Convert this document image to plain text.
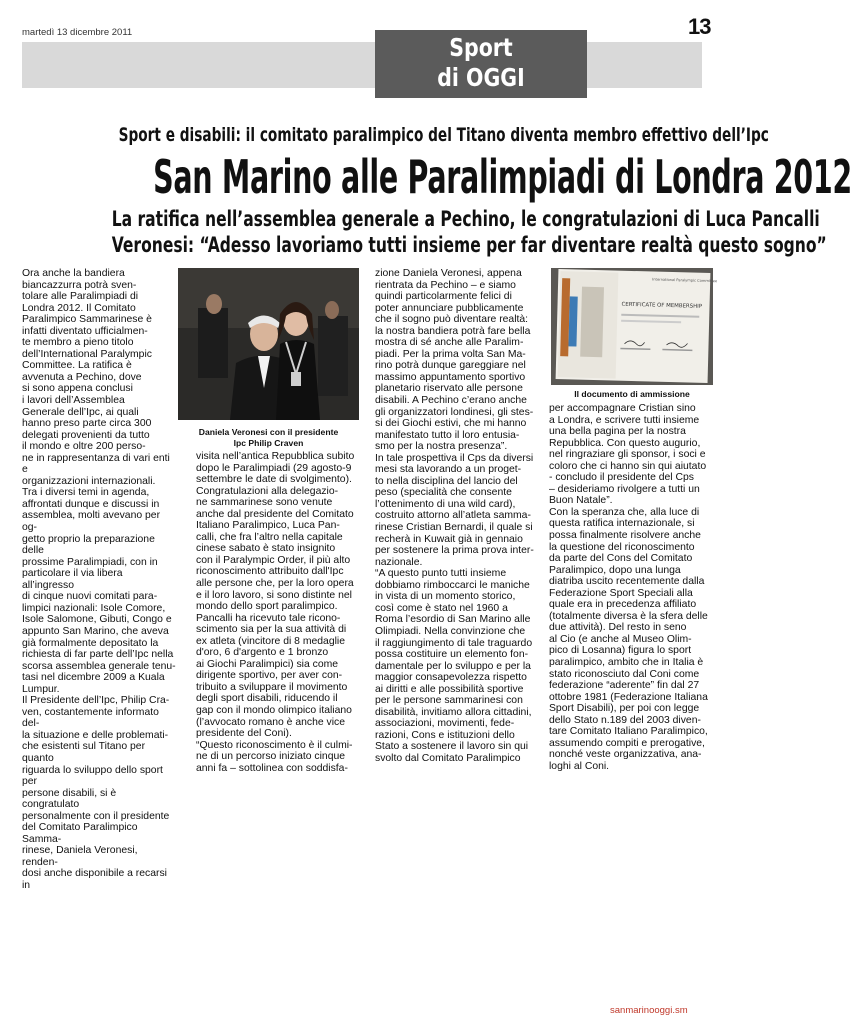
martedì 13 dicembre 2011	13
Sport
di OGGI
Sport e disabili: il comitato paralimpico del Titano diventa membro effettivo dell’Ipc
San Marino alle Paralimpiadi di Londra 2012
La ratifica nell’assemblea generale a Pechino, le congratulazioni di Luca Pancalli
Veronesi: “Adesso lavoriamo tutti insieme per far diventare realtà questo sogno”

Ora anche la bandiera

biancazzurra potrà sven-

tolare alle Paralimpiadi di

Londra 2012. Il Comitato

Paralimpico Sammarinese è

infatti diventato ufficialmen-

te membro a pieno titolo

dell’International Paralympic

Committee. La ratifica è

avvenuta a Pechino, dove

si sono appena conclusi

i lavori dell’Assemblea

Generale dell’Ipc, ai quali

hanno preso parte circa 300

delegati provenienti da tutto

il mondo e oltre 200 perso-

ne in rappresentanza di vari enti e

organizzazioni internazionali.

Tra i diversi temi in agenda,

affrontati dunque e discussi in

assemblea, molti avevano per og-

getto proprio la preparazione delle

prossime Paralimpiadi, con in

particolare il via libera all’ingresso

di cinque nuovi comitati para-

limpici nazionali: Isole Comore,

Isole Salomone, Gibuti, Congo e

appunto San Marino, che aveva

già formalmente depositato la

richiesta di far parte dell’Ipc nella

scorsa assemblea generale tenu-

tasi nel dicembre 2009 a Kuala

Lumpur.

Il Presidente dell’Ipc, Philip Cra-

ven, costantemente informato del-

la situazione e delle problemati-

che esistenti sul Titano per quanto

riguarda lo sviluppo dello sport per

persone disabili, si è congratulato

personalmente con il presidente

del Comitato Paralimpico Samma-

rinese, Daniela Veronesi, renden-

dosi anche disponibile a recarsi in

Daniela Veronesi con il presidente
Ipc Philip Craven

visita nell’antica Repubblica subito

dopo le Paralimpiadi (29 agosto-9

settembre le date di svolgimento).

Congratulazioni alla delegazio-

ne sammarinese sono venute

anche dal presidente del Comitato

Italiano Paralimpico, Luca Pan-

calli, che fra l’altro nella capitale

cinese sabato è stato insignito

con il Paralympic Order, il più alto

riconoscimento attribuito dall'Ipc

alle persone che, per la loro opera

e il loro lavoro, si sono distinte nel

mondo dello sport paralimpico.

Pancalli ha ricevuto tale ricono-

scimento sia per la sua attività di

ex atleta (vincitore di 8 medaglie

d'oro, 6 d'argento e 1 bronzo

ai Giochi Paralimpici) sia come

dirigente sportivo, per aver con-

tribuito a sviluppare il movimento

degli sport disabili, riducendo il

gap con il mondo olimpico italiano

(l’avvocato romano è anche vice

presidente del Coni).

“Questo riconoscimento è il culmi-

ne di un percorso iniziato cinque

anni fa – sottolinea con soddisfa-

zione Daniela Veronesi, appena

rientrata da Pechino – e siamo

quindi particolarmente felici di

poter annunciare pubblicamente

che il sogno può diventare realtà:

la nostra bandiera potrà fare bella

mostra di sé anche alle Paralim-

piadi. Per la prima volta San Ma-

rino potrà dunque gareggiare nel

massimo appuntamento sportivo

planetario riservato alle persone

disabili. A Pechino c’erano anche

gli organizzatori londinesi, gli stes-

si dei Giochi estivi, che mi hanno

manifestato tutto il loro entusia-

smo per la nostra presenza”.

In tale prospettiva il Cps da diversi

mesi sta lavorando a un proget-

to nella disciplina del lancio del

peso (specialità che consente

l’ottenimento di una wild card),

costruito attorno all’atleta samma-

rinese Cristian Bernardi, il quale si

recherà in Kuwait già in gennaio

per sostenere la prima prova inter-

nazionale.

“A questo punto tutti insieme

dobbiamo rimboccarci le maniche

in vista di un momento storico,

così come è stato nel 1960 a

Roma l’esordio di San Marino alle

Olimpiadi. Nella convinzione che

il raggiungimento di tale traguardo

possa costituire un elemento fon-

damentale per lo sviluppo e per la

maggior consapevolezza rispetto

ai diritti e alle possibilità sportive

per le persone sammarinesi con

disabilità, invitiamo allora cittadini,

associazioni, movimenti, fede-

razioni, Cons e istituzioni dello

Stato a sostenere il lavoro sin qui

svolto dal Comitato Paralimpico

CERTIFICATE OF MEMBERSHIP
International Paralympic Committee
Il documento di ammissione

per accompagnare Cristian sino

a Londra, e scrivere tutti insieme

una bella pagina per la nostra

Repubblica. Con questo augurio,

nel ringraziare gli sponsor, i soci e

coloro che ci hanno sin qui aiutato

- concludo il presidente del Cps

– desideriamo rivolgere a tutti un

Buon Natale”.

Con la speranza che, alla luce di

questa ratifica internazionale, si

possa finalmente risolvere anche

la questione del riconoscimento

da parte del Cons del Comitato

Paralimpico, dopo una lunga

diatriba uscito recentemente dalla

Federazione Sport Speciali alla

quale era in precedenza affiliato

(totalmente diversa è la sfera delle

due attività). Del resto in seno

al Cio (e anche al Museo Olim-

pico di Losanna) figura lo sport

paralimpico, ambito che in Italia è

stato riconosciuto dal Coni come

federazione “aderente” fin dal 27

ottobre 1981 (Federazione Italiana

Sport Disabili), per poi con legge

dello Stato n.189 del 2003 diven-

tare Comitato Italiano Paralimpico,

assumendo compiti e prerogative,

nonché veste organizzativa, ana-

loghi al Coni.

sanmarinooggi.sm
